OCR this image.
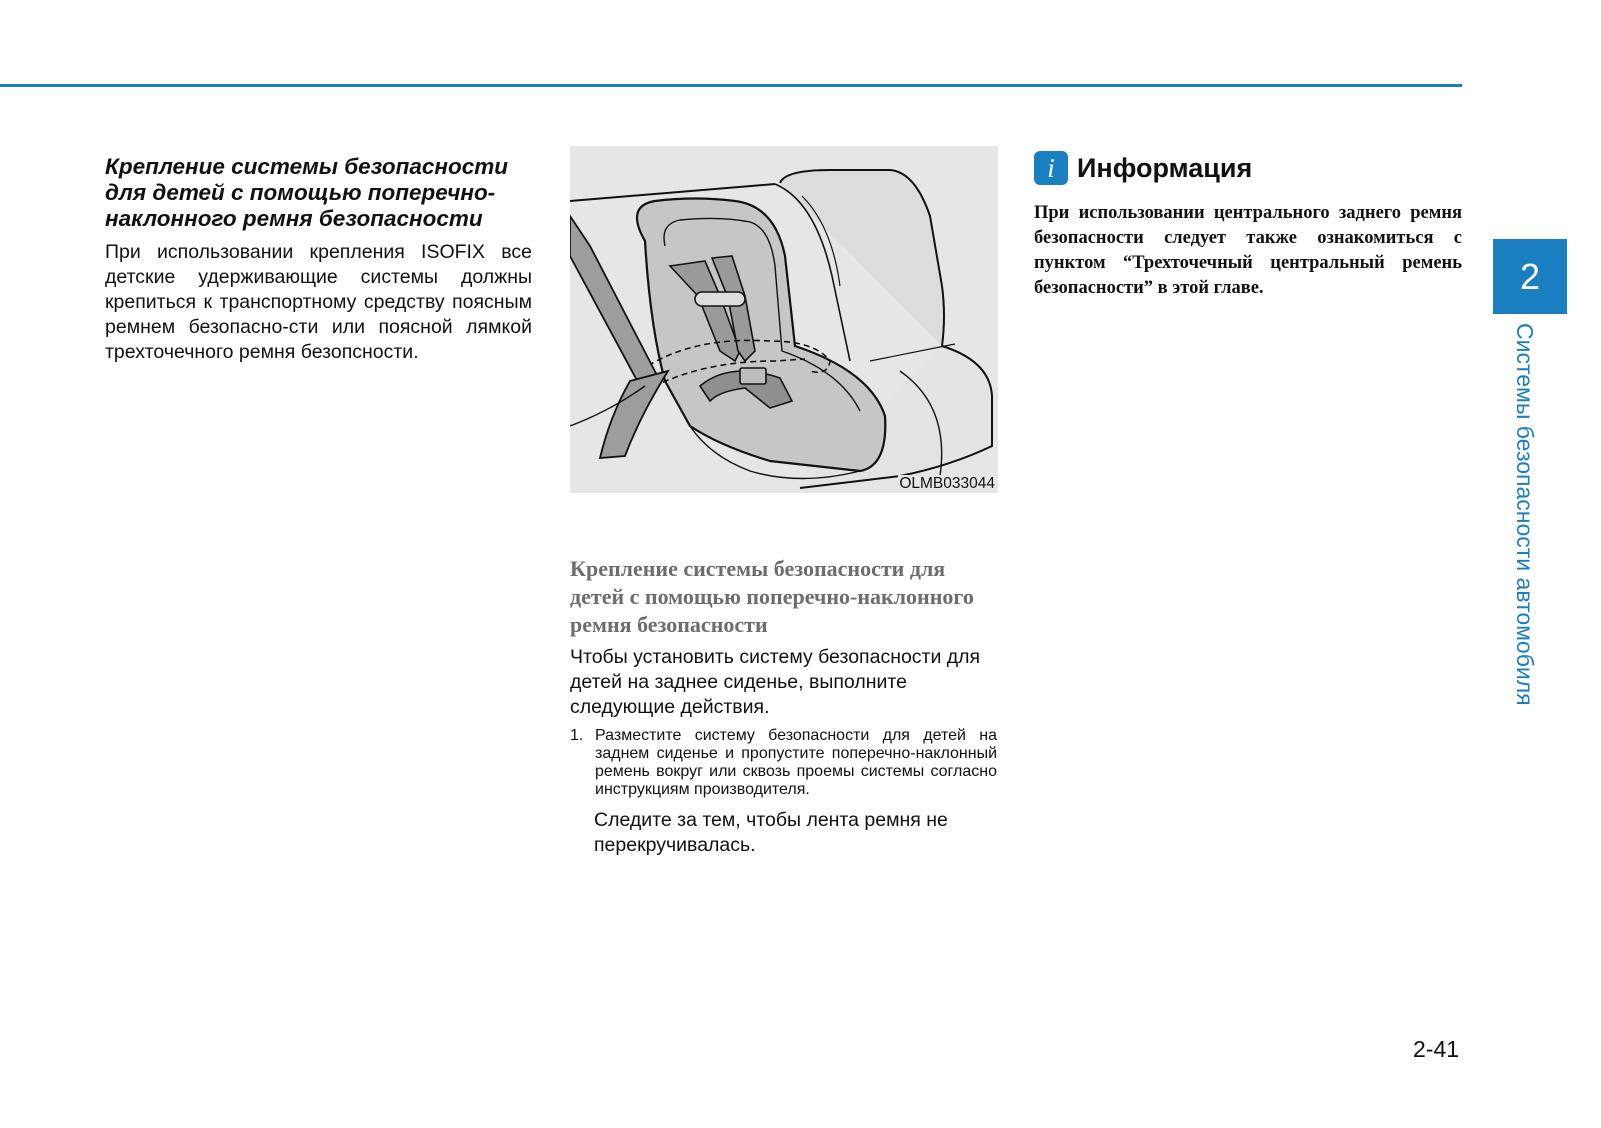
Крепление системы безопасности для детей с помощью поперечно-наклонного ремня безопасности

При использовании крепления ISOFIX все детские удерживающие системы должны крепиться к транспортному средству поясным ремнем безопасно-сти или поясной лямкой трехточечного ремня безопсности.

OLMB033044
Крепление системы безопасности для детей с помощью поперечно-наклонного ремня безопасности

Чтобы установить систему безопасности для детей на заднее сиденье, выполните следующие действия.

1. Разместите систему безопасности для детей на заднем сиденье и пропустите поперечно-наклонный ремень вокруг или сквозь проемы системы согласно инструкциям производителя.

Следите за тем, чтобы лента ремня не перекручивалась.

i Информация

При использовании центрального заднего ремня безопасности следует также ознакомиться с пунктом “Трехточечный центральный ремень безопасности” в этой главе.	2
Системы безопасности автомобиля
2-41
